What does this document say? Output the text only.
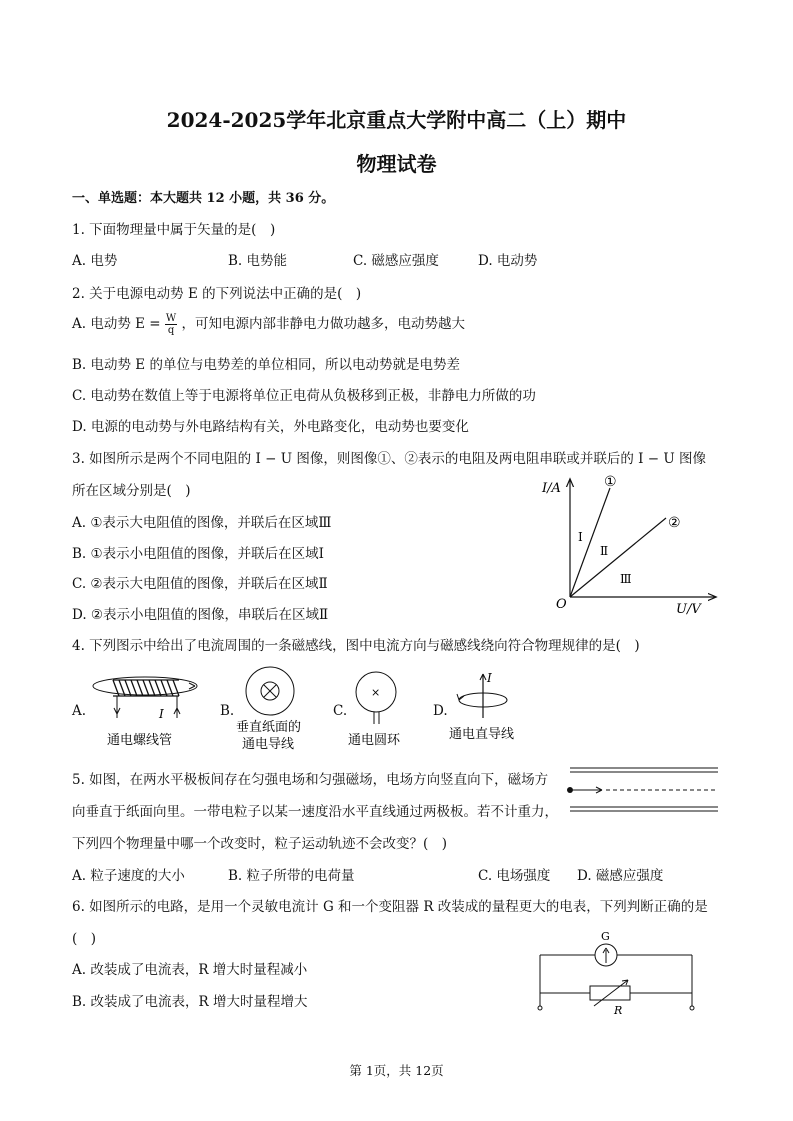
2024-2025学年北京重点大学附中高二（上）期中
物理试卷
一、单选题：本大题共 12 小题，共 36 分。
1. 下面物理量中属于矢量的是(　)
A. 电势	B. 电势能	C. 磁感应强度	D. 电动势
2. 关于电源电动势 E 的下列说法中正确的是(　)
A. 电动势 $E = \frac{W}{q}$ ，可知电源内部非静电力做功越多，电动势越大
B. 电动势 E 的单位与电势差的单位相同，所以电动势就是电势差
C. 电动势在数值上等于电源将单位正电荷从负极移到正极，非静电力所做的功
D. 电源的电动势与外电路结构有关，外电路变化，电动势也要变化
3. 如图所示是两个不同电阻的 I − U 图像，则图像①、②表示的电阻及两电阻串联或并联后的 I − U 图像
所在区域分别是(　)
A. ①表示大电阻值的图像，并联后在区域Ⅲ
B. ①表示小电阻值的图像，并联后在区域Ⅰ
C. ②表示大电阻值的图像，并联后在区域Ⅱ
D. ②表示小电阻值的图像，串联后在区域Ⅱ
I/A
U/V
O
①
②
Ⅰ
Ⅱ
Ⅲ
4. 下列图示中给出了电流周围的一条磁感线，图中电流方向与磁感线绕向符合物理规律的是(　)
A.	I
通电螺线管
B.
垂直纸面的
通电导线
C.
×
通电圆环
D.
I
通电直导线
5. 如图，在两水平极板间存在匀强电场和匀强磁场，电场方向竖直向下，磁场方
向垂直于纸面向里。一带电粒子以某一速度沿水平直线通过两极板。若不计重力，
下列四个物理量中哪一个改变时，粒子运动轨迹不会改变？(　)
A. 粒子速度的大小	B. 粒子所带的电荷量	C. 电场强度 D. 磁感应强度
6. 如图所示的电路，是用一个灵敏电流计 G 和一个变阻器 R 改装成的量程更大的电表，下列判断正确的是
(　)
A. 改装成了电流表，R 增大时量程减小
B. 改装成了电流表，R 增大时量程增大
G
R
第 1页，共 12页
